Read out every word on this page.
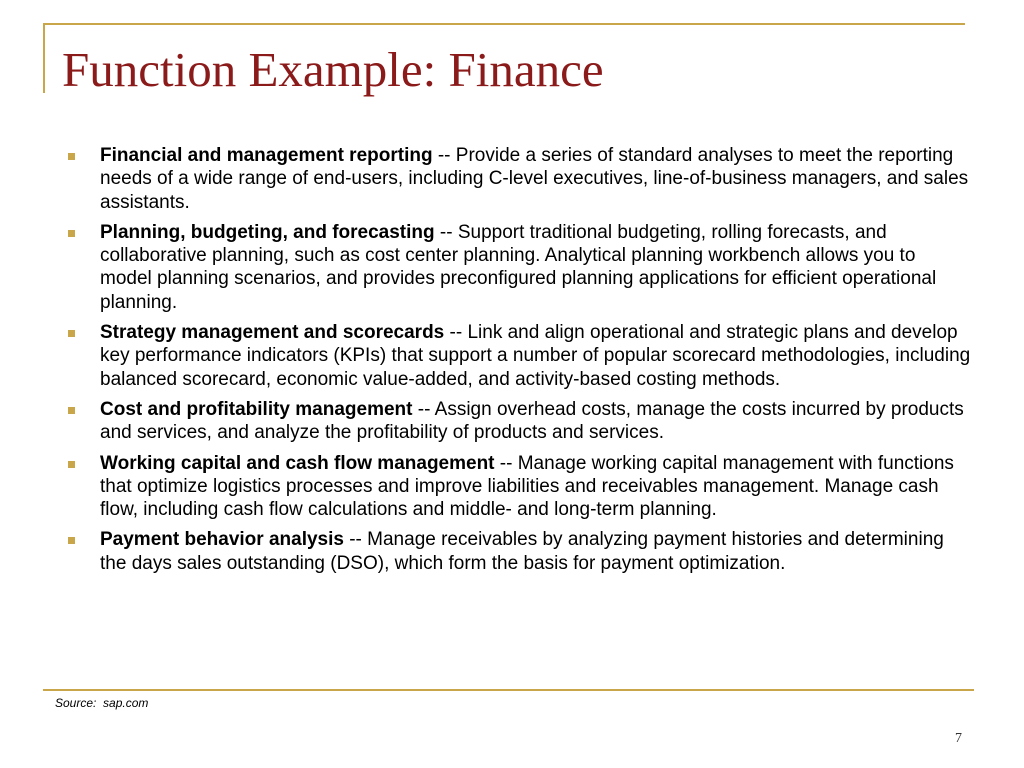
Function Example: Finance
Financial and management reporting -- Provide a series of standard analyses to meet the reporting needs of a wide range of end-users, including C-level executives, line-of-business managers, and sales assistants.
Planning, budgeting, and forecasting -- Support traditional budgeting, rolling forecasts, and collaborative planning, such as cost center planning. Analytical planning workbench allows you to model planning scenarios, and provides preconfigured planning applications for efficient operational planning.
Strategy management and scorecards -- Link and align operational and strategic plans and develop key performance indicators (KPIs) that support a number of popular scorecard methodologies, including balanced scorecard, economic value-added, and activity-based costing methods.
Cost and profitability management -- Assign overhead costs, manage the costs incurred by products and services, and analyze the profitability of products and services.
Working capital and cash flow management -- Manage working capital management with functions that optimize logistics processes and improve liabilities and receivables management. Manage cash flow, including cash flow calculations and middle- and long-term planning.
Payment behavior analysis -- Manage receivables by analyzing payment histories and determining the days sales outstanding (DSO), which form the basis for payment optimization.
Source:  sap.com
7
